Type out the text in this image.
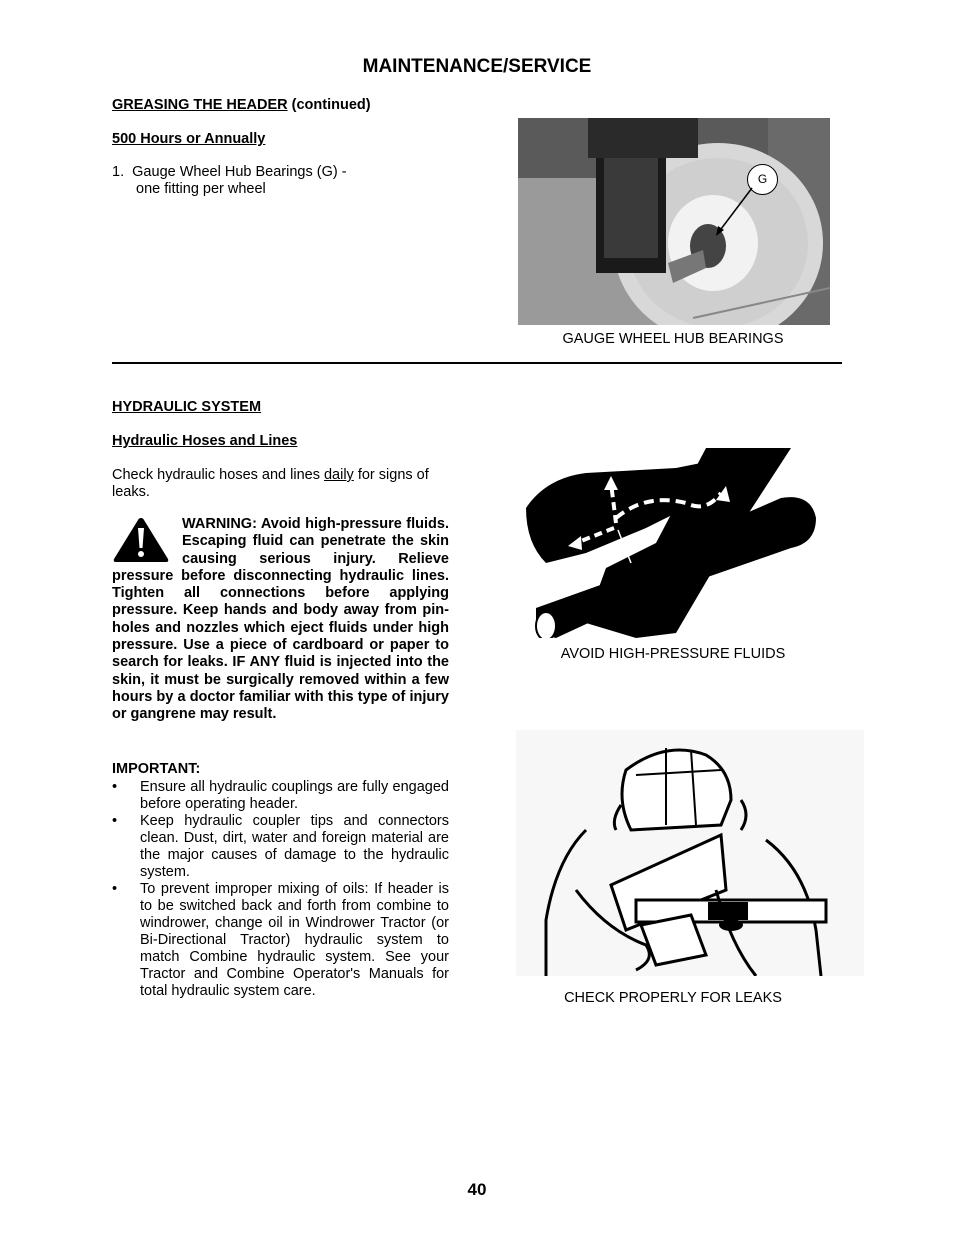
MAINTENANCE/SERVICE
GREASING THE HEADER (continued)
500 Hours or Annually
1. Gauge Wheel Hub Bearings (G) -
one fitting per wheel
G
GAUGE WHEEL HUB BEARINGS
HYDRAULIC SYSTEM
Hydraulic Hoses and Lines
Check hydraulic hoses and lines daily for signs of leaks.
WARNING: Avoid high-pressure fluids. Escaping fluid can penetrate the skin causing serious injury. Relieve pressure before disconnecting hydraulic lines. Tighten all connections before applying pressure. Keep hands and body away from pin-holes and nozzles which eject fluids under high pressure. Use a piece of cardboard or paper to search for leaks. IF ANY fluid is injected into the skin, it must be surgically removed within a few hours by a doctor familiar with this type of injury or gangrene may result.
IMPORTANT:
• Ensure all hydraulic couplings are fully engaged before operating header.
• Keep hydraulic coupler tips and connectors clean. Dust, dirt, water and foreign material are the major causes of damage to the hydraulic system.
• To prevent improper mixing of oils: If header is to be switched back and forth from combine to windrower, change oil in Windrower Tractor (or Bi-Directional Tractor) hydraulic system to match Combine hydraulic system. See your Tractor and Combine Operator's Manuals for total hydraulic system care.
AVOID HIGH-PRESSURE FLUIDS
CHECK PROPERLY FOR LEAKS
40
